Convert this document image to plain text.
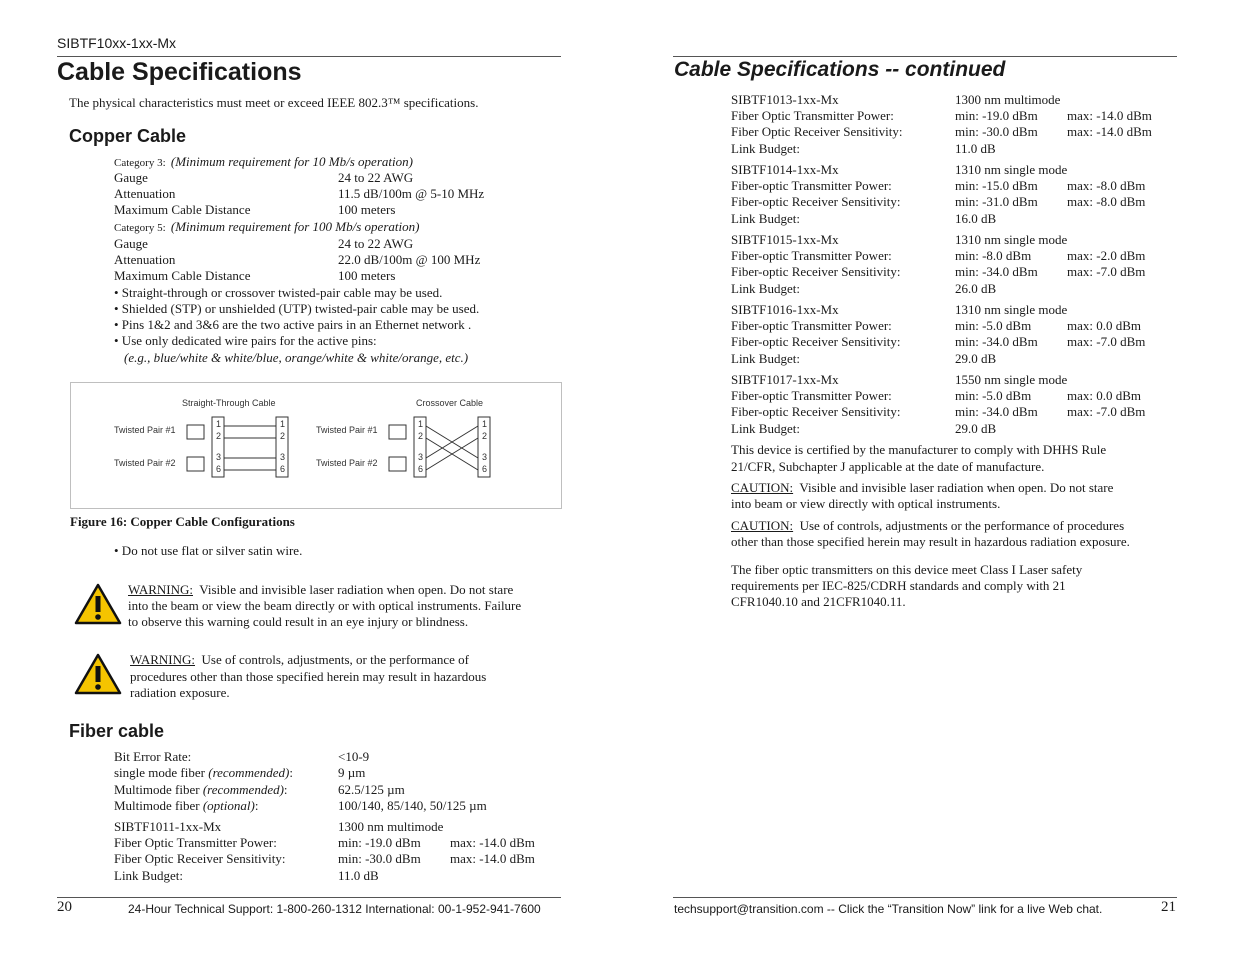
SIBTF10xx-1xx-Mx
Cable Specifications
The physical characteristics must meet or exceed IEEE 802.3™ specifications.
Copper Cable
Category 3: (Minimum requirement for 10 Mb/s operation)
Gauge	24 to 22 AWG
Attenuation	11.5 dB/100m @ 5-10 MHz
Maximum Cable Distance	100 meters
Category 5: (Minimum requirement for 100 Mb/s operation)
Gauge	24 to 22 AWG
Attenuation	22.0 dB/100m @ 100 MHz
Maximum Cable Distance	100 meters
• Straight-through or crossover twisted-pair cable may be used.
• Shielded (STP) or unshielded (UTP) twisted-pair cable may be used.
• Pins 1&2 and 3&6 are the two active pairs in an Ethernet network .
• Use only dedicated wire pairs for the active pins:
(e.g., blue/white & white/blue, orange/white & white/orange, etc.)
Straight-Through Cable	Crossover Cable
Twisted Pair #1
Twisted Pair #2
Twisted Pair #1
Twisted Pair #2
1
2
3
6
1
2
3
6
1
2
3
6
1
2
3
6
Figure 16: Copper Cable Configurations
• Do not use flat or silver satin wire.
WARNING:  Visible and invisible laser radiation when open. Do not stare
into the beam or view the beam directly or with optical instruments. Failure
to observe this warning could result in an eye injury or blindness.
WARNING:  Use of controls, adjustments, or the performance of
procedures other than those specified herein may result in hazardous
radiation exposure.
Fiber cable
Bit Error Rate:	<10-9
single mode fiber (recommended):	9 µm
Multimode fiber (recommended):	62.5/125 µm
Multimode fiber (optional):	100/140, 85/140, 50/125 µm
SIBTF1011-1xx-Mx	1300 nm multimode
Fiber Optic Transmitter Power:	min: -19.0 dBm max: -14.0 dBm
Fiber Optic Receiver Sensitivity:	min: -30.0 dBm max: -14.0 dBm
Link Budget:	11.0 dB
20	24-Hour Technical Support: 1-800-260-1312 International: 00-1-952-941-7600
Cable Specifications -- continued
SIBTF1013-1xx-Mx	1300 nm multimode
Fiber Optic Transmitter Power:	min: -19.0 dBm max: -14.0 dBm
Fiber Optic Receiver Sensitivity:	min: -30.0 dBm max: -14.0 dBm
Link Budget:	11.0 dB
SIBTF1014-1xx-Mx	1310 nm single mode
Fiber-optic Transmitter Power:	min: -15.0 dBm max: -8.0 dBm
Fiber-optic Receiver Sensitivity:	min: -31.0 dBm max: -8.0 dBm
Link Budget:	16.0 dB
SIBTF1015-1xx-Mx	1310 nm single mode
Fiber-optic Transmitter Power:	min: -8.0 dBm	max: -2.0 dBm
Fiber-optic Receiver Sensitivity:	min: -34.0 dBm max: -7.0 dBm
Link Budget:	26.0 dB
SIBTF1016-1xx-Mx	1310 nm single mode
Fiber-optic Transmitter Power:	min: -5.0 dBm	max: 0.0 dBm
Fiber-optic Receiver Sensitivity:	min: -34.0 dBm max: -7.0 dBm
Link Budget:	29.0 dB
SIBTF1017-1xx-Mx	1550 nm single mode
Fiber-optic Transmitter Power:	min: -5.0 dBm	max: 0.0 dBm
Fiber-optic Receiver Sensitivity:	min: -34.0 dBm max: -7.0 dBm
Link Budget:	29.0 dB
This device is certified by the manufacturer to comply with DHHS Rule
21/CFR, Subchapter J applicable at the date of manufacture.
CAUTION:  Visible and invisible laser radiation when open. Do not stare
into beam or view directly with optical instruments.
CAUTION:  Use of controls, adjustments or the performance of procedures
other than those specified herein may result in hazardous radiation exposure.
The fiber optic transmitters on this device meet Class I Laser safety
requirements per IEC-825/CDRH standards and comply with 21
CFR1040.10 and 21CFR1040.11.
techsupport@transition.com -- Click the “Transition Now” link for a live Web chat.	21
